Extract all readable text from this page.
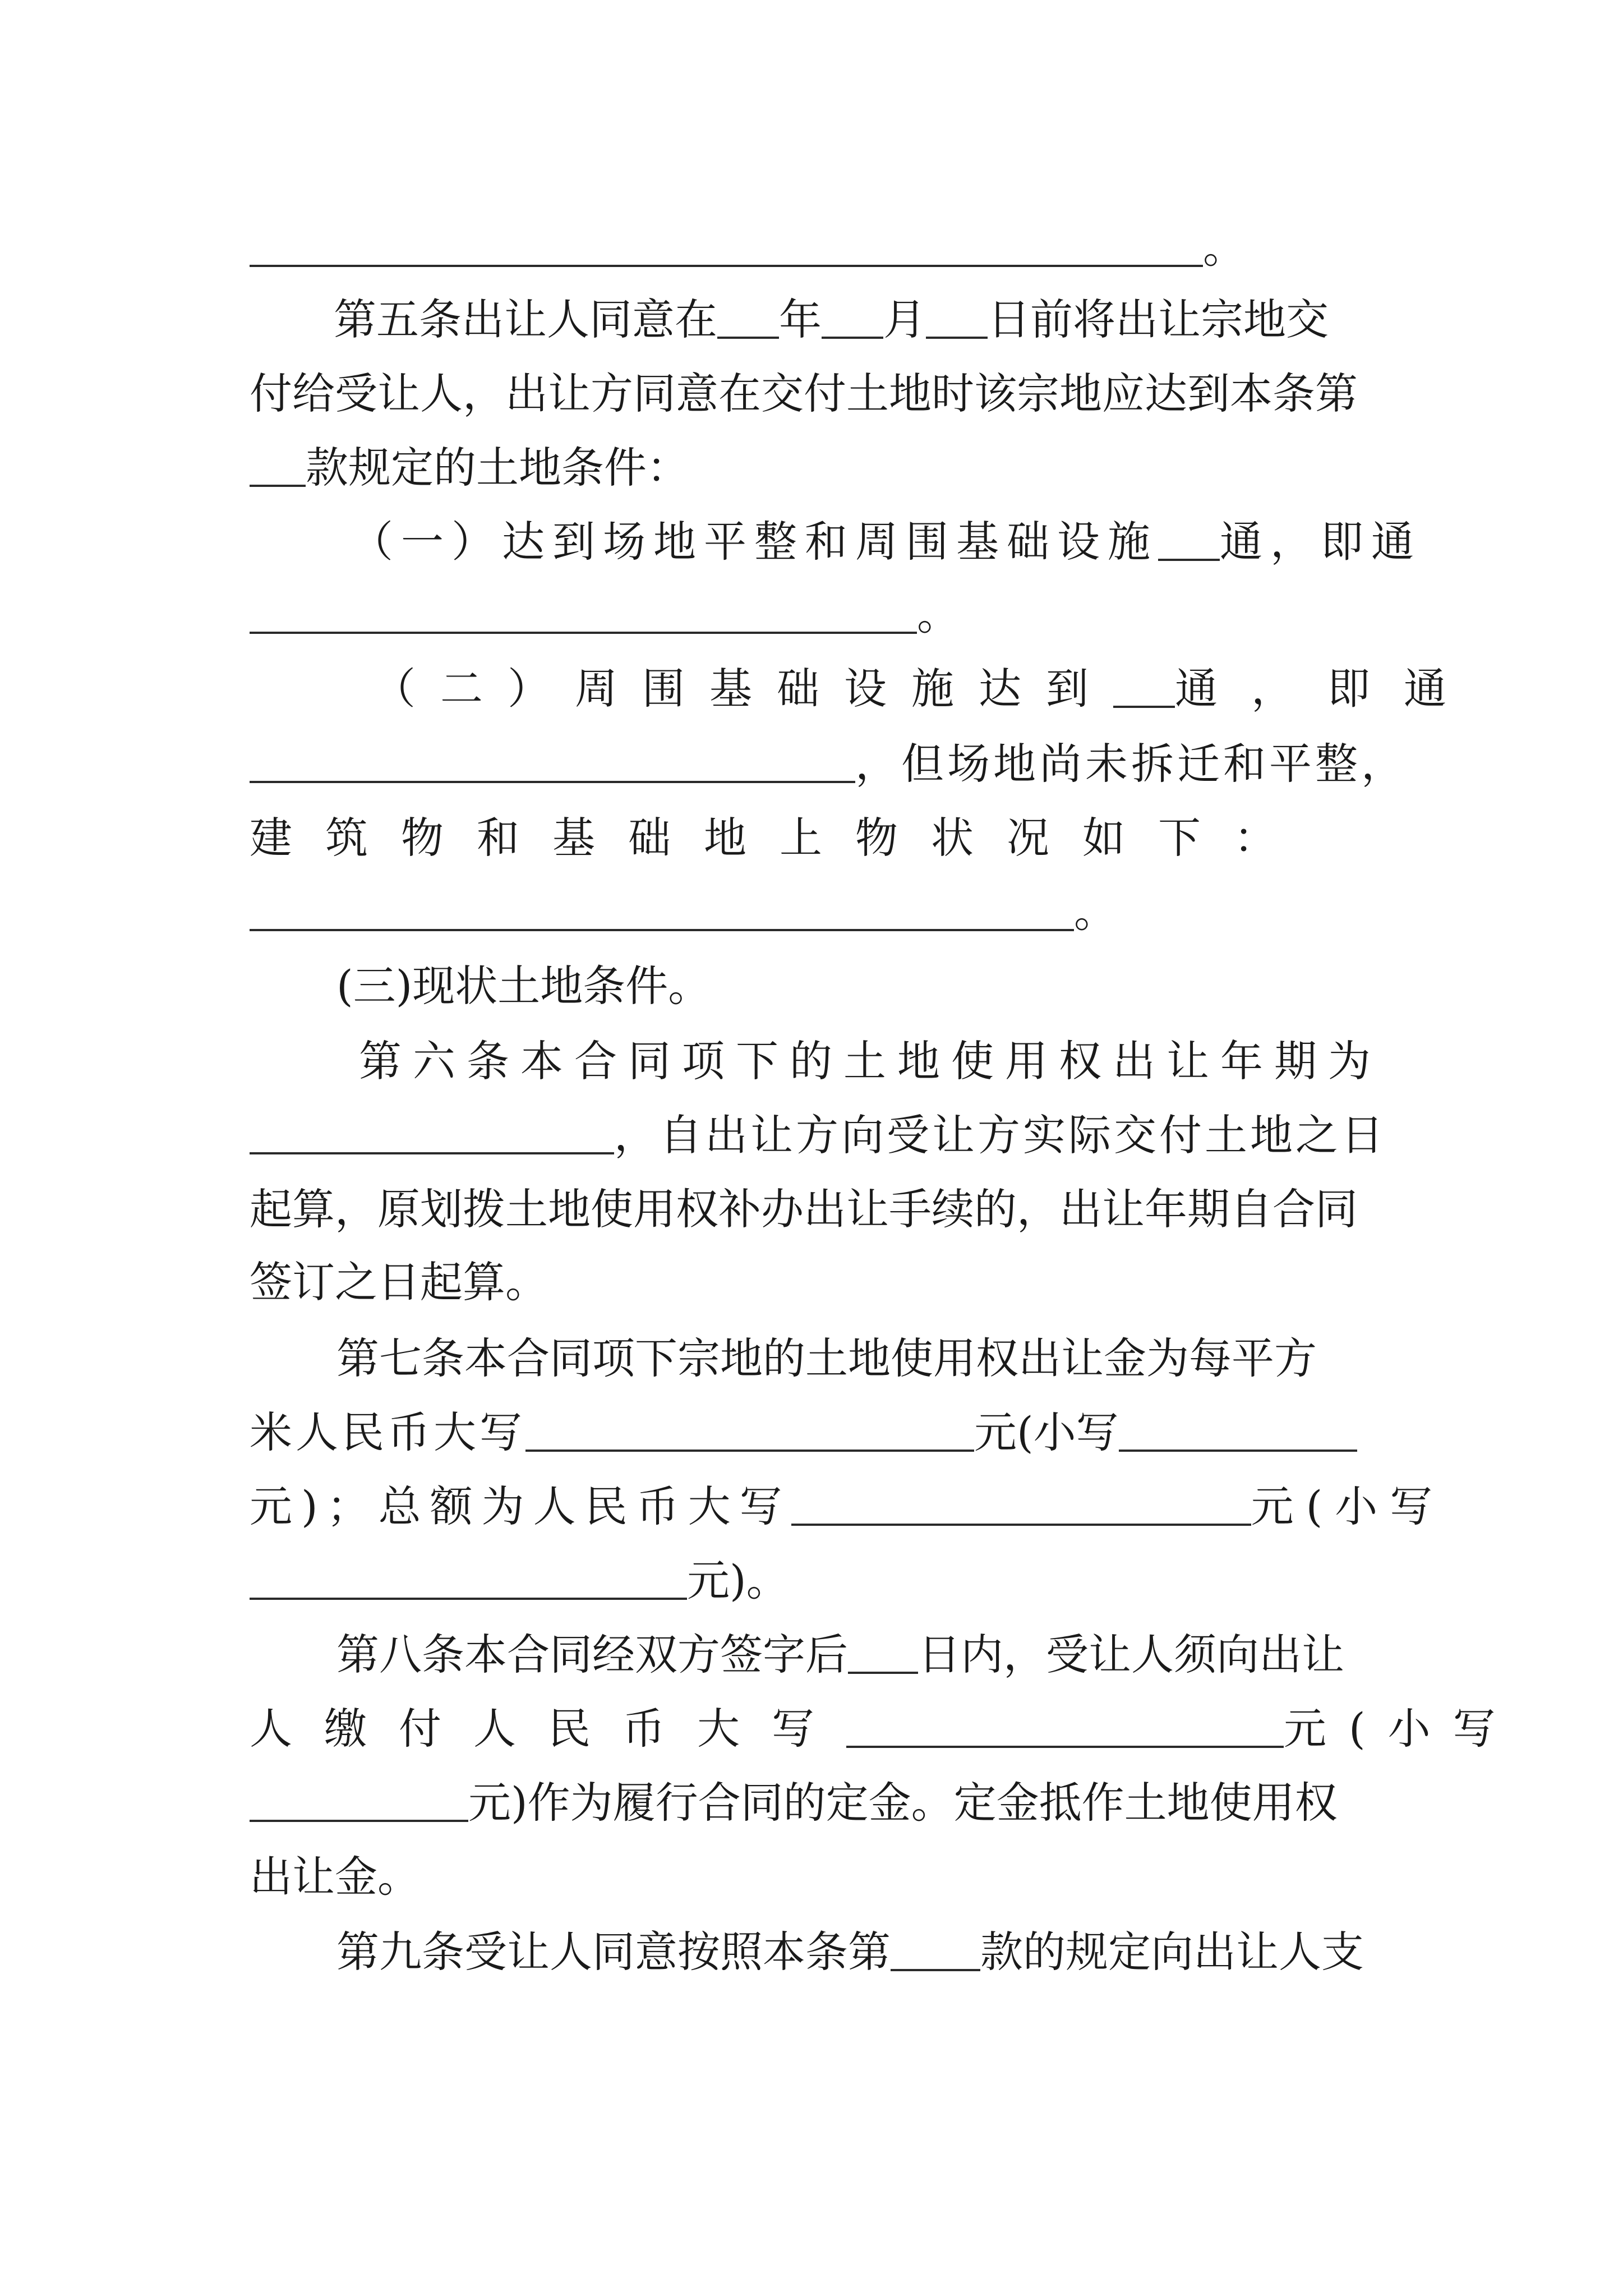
。
第五条出让人同意在 年 月 日前将出让宗地交
付给受让人，出让方同意在交付土地时该宗地应达到本条第
款规定的土地条件：
（一）达到场地平整和周围基础设施	通，即通
。
（二）周围基础设施达到	通，即通
，但场地尚未拆迁和平整，
建筑物和基础地上物状况如下：
。
(三)现状土地条件。
第六条本合同项下的土地使用权出让年期为
，自出让方向受让方实际交付土地之日
起算，原划拨土地使用权补办出让手续的，出让年期自合同
签订之日起算。
第七条本合同项下宗地的土地使用权出让金为每平方
米人民币大写	元(小写
元)；总额为人民币大写	元(小写
元)。
第八条本合同经双方签字后 日内，受让人须向出让
人缴付人民币大写	元(小写
元)作为履行合同的定金。定金抵作土地使用权
出让金。
第九条受让人同意按照本条第 款的规定向出让人支
